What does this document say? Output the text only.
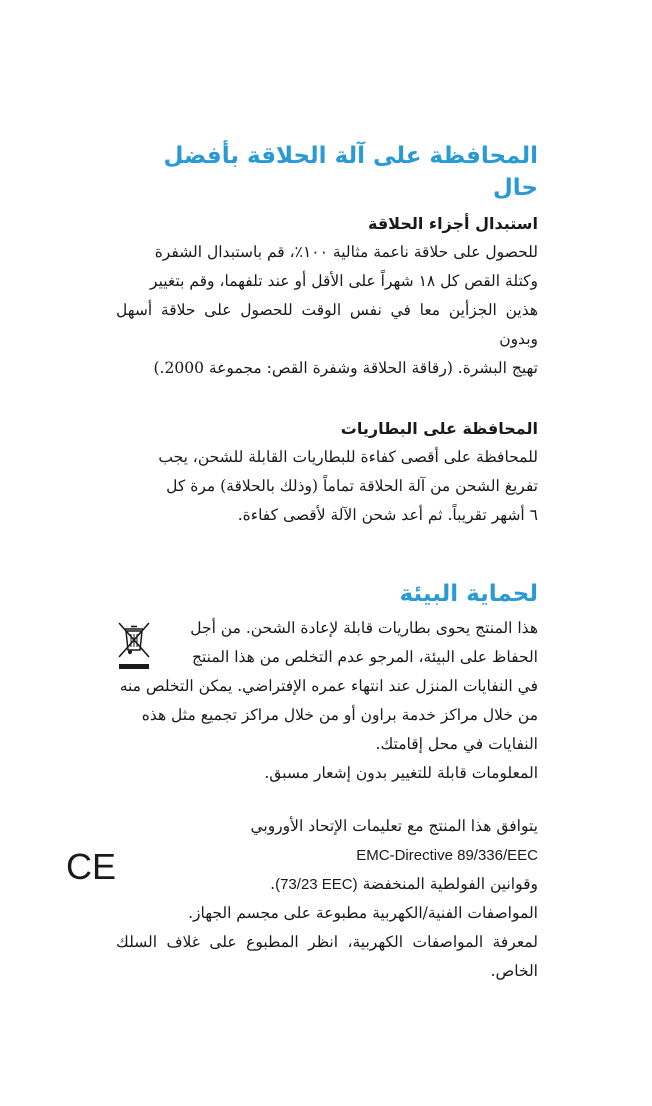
المحافظة على آلة الحلاقة بأفضل حال
استبدال أجزاء الحلاقة

للحصول على حلاقة ناعمة مثالية ١٠٠٪، قم باستبدال الشفرة
وكتلة القص كل ١٨ شهراً على الأقل أو عند تلفهما، وقم بتغيير
هذين الجزأين معا في نفس الوقت للحصول على حلاقة أسهل وبدون
تهيج البشرة. (رقاقة الحلاقة وشفرة القص: مجموعة 2000.)

المحافظة على البطاريات

للمحافظة على أقصى كفاءة للبطاريات القابلة للشحن، يجب
تفريغ الشحن من آلة الحلاقة تماماً (وذلك بالحلاقة) مرة كل
٦ أشهر تقريباً. ثم أعد شحن الآلة لأقصى كفاءة.

لحماية البيئة

هذا المنتج يحوى بطاريات قابلة لإعادة الشحن. من أجل
الحفاظ على البيئة، المرجو عدم التخلص من هذا المنتج
في النفايات المنزل عند انتهاء عمره الإفتراضي. يمكن التخلص منه
من خلال مراكز خدمة براون أو من خلال مراكز تجميع مثل هذه
النفايات في محل إقامتك.

المعلومات قابلة للتغيير بدون إشعار مسبق.

CE

يتوافق هذا المنتج مع تعليمات الإتحاد الأوروبي
EMC-Directive 89/336/EEC
وقوانين الفولطية المنخفضة (73/23 EEC).
المواصفات الفنية/الكهربية مطبوعة على مجسم الجهاز.

لمعرفة المواصفات الكهربية، انظر المطبوع على غلاف السلك الخاص.
